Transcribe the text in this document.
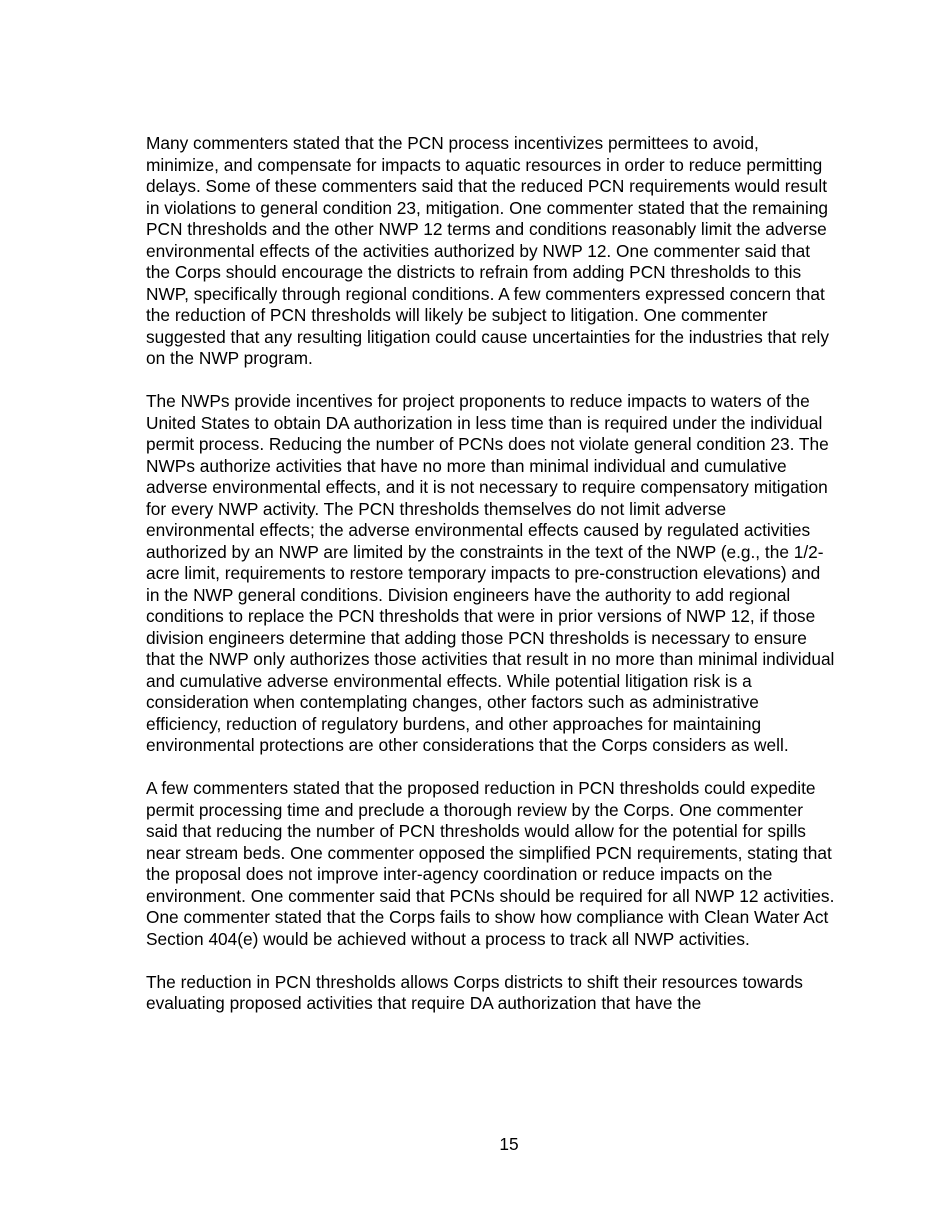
Many commenters stated that the PCN process incentivizes permittees to avoid, minimize, and compensate for impacts to aquatic resources in order to reduce permitting delays. Some of these commenters said that the reduced PCN requirements would result in violations to general condition 23, mitigation. One commenter stated that the remaining PCN thresholds and the other NWP 12 terms and conditions reasonably limit the adverse environmental effects of the activities authorized by NWP 12. One commenter said that the Corps should encourage the districts to refrain from adding PCN thresholds to this NWP, specifically through regional conditions. A few commenters expressed concern that the reduction of PCN thresholds will likely be subject to litigation. One commenter suggested that any resulting litigation could cause uncertainties for the industries that rely on the NWP program.

The NWPs provide incentives for project proponents to reduce impacts to waters of the United States to obtain DA authorization in less time than is required under the individual permit process. Reducing the number of PCNs does not violate general condition 23. The NWPs authorize activities that have no more than minimal individual and cumulative adverse environmental effects, and it is not necessary to require compensatory mitigation for every NWP activity. The PCN thresholds themselves do not limit adverse environmental effects; the adverse environmental effects caused by regulated activities authorized by an NWP are limited by the constraints in the text of the NWP (e.g., the 1/2-acre limit, requirements to restore temporary impacts to pre-construction elevations) and in the NWP general conditions. Division engineers have the authority to add regional conditions to replace the PCN thresholds that were in prior versions of NWP 12, if those division engineers determine that adding those PCN thresholds is necessary to ensure that the NWP only authorizes those activities that result in no more than minimal individual and cumulative adverse environmental effects. While potential litigation risk is a consideration when contemplating changes, other factors such as administrative efficiency, reduction of regulatory burdens, and other approaches for maintaining environmental protections are other considerations that the Corps considers as well.

A few commenters stated that the proposed reduction in PCN thresholds could expedite permit processing time and preclude a thorough review by the Corps. One commenter said that reducing the number of PCN thresholds would allow for the potential for spills near stream beds. One commenter opposed the simplified PCN requirements, stating that the proposal does not improve inter-agency coordination or reduce impacts on the environment. One commenter said that PCNs should be required for all NWP 12 activities. One commenter stated that the Corps fails to show how compliance with Clean Water Act Section 404(e) would be achieved without a process to track all NWP activities.

The reduction in PCN thresholds allows Corps districts to shift their resources towards evaluating proposed activities that require DA authorization that have the

15
